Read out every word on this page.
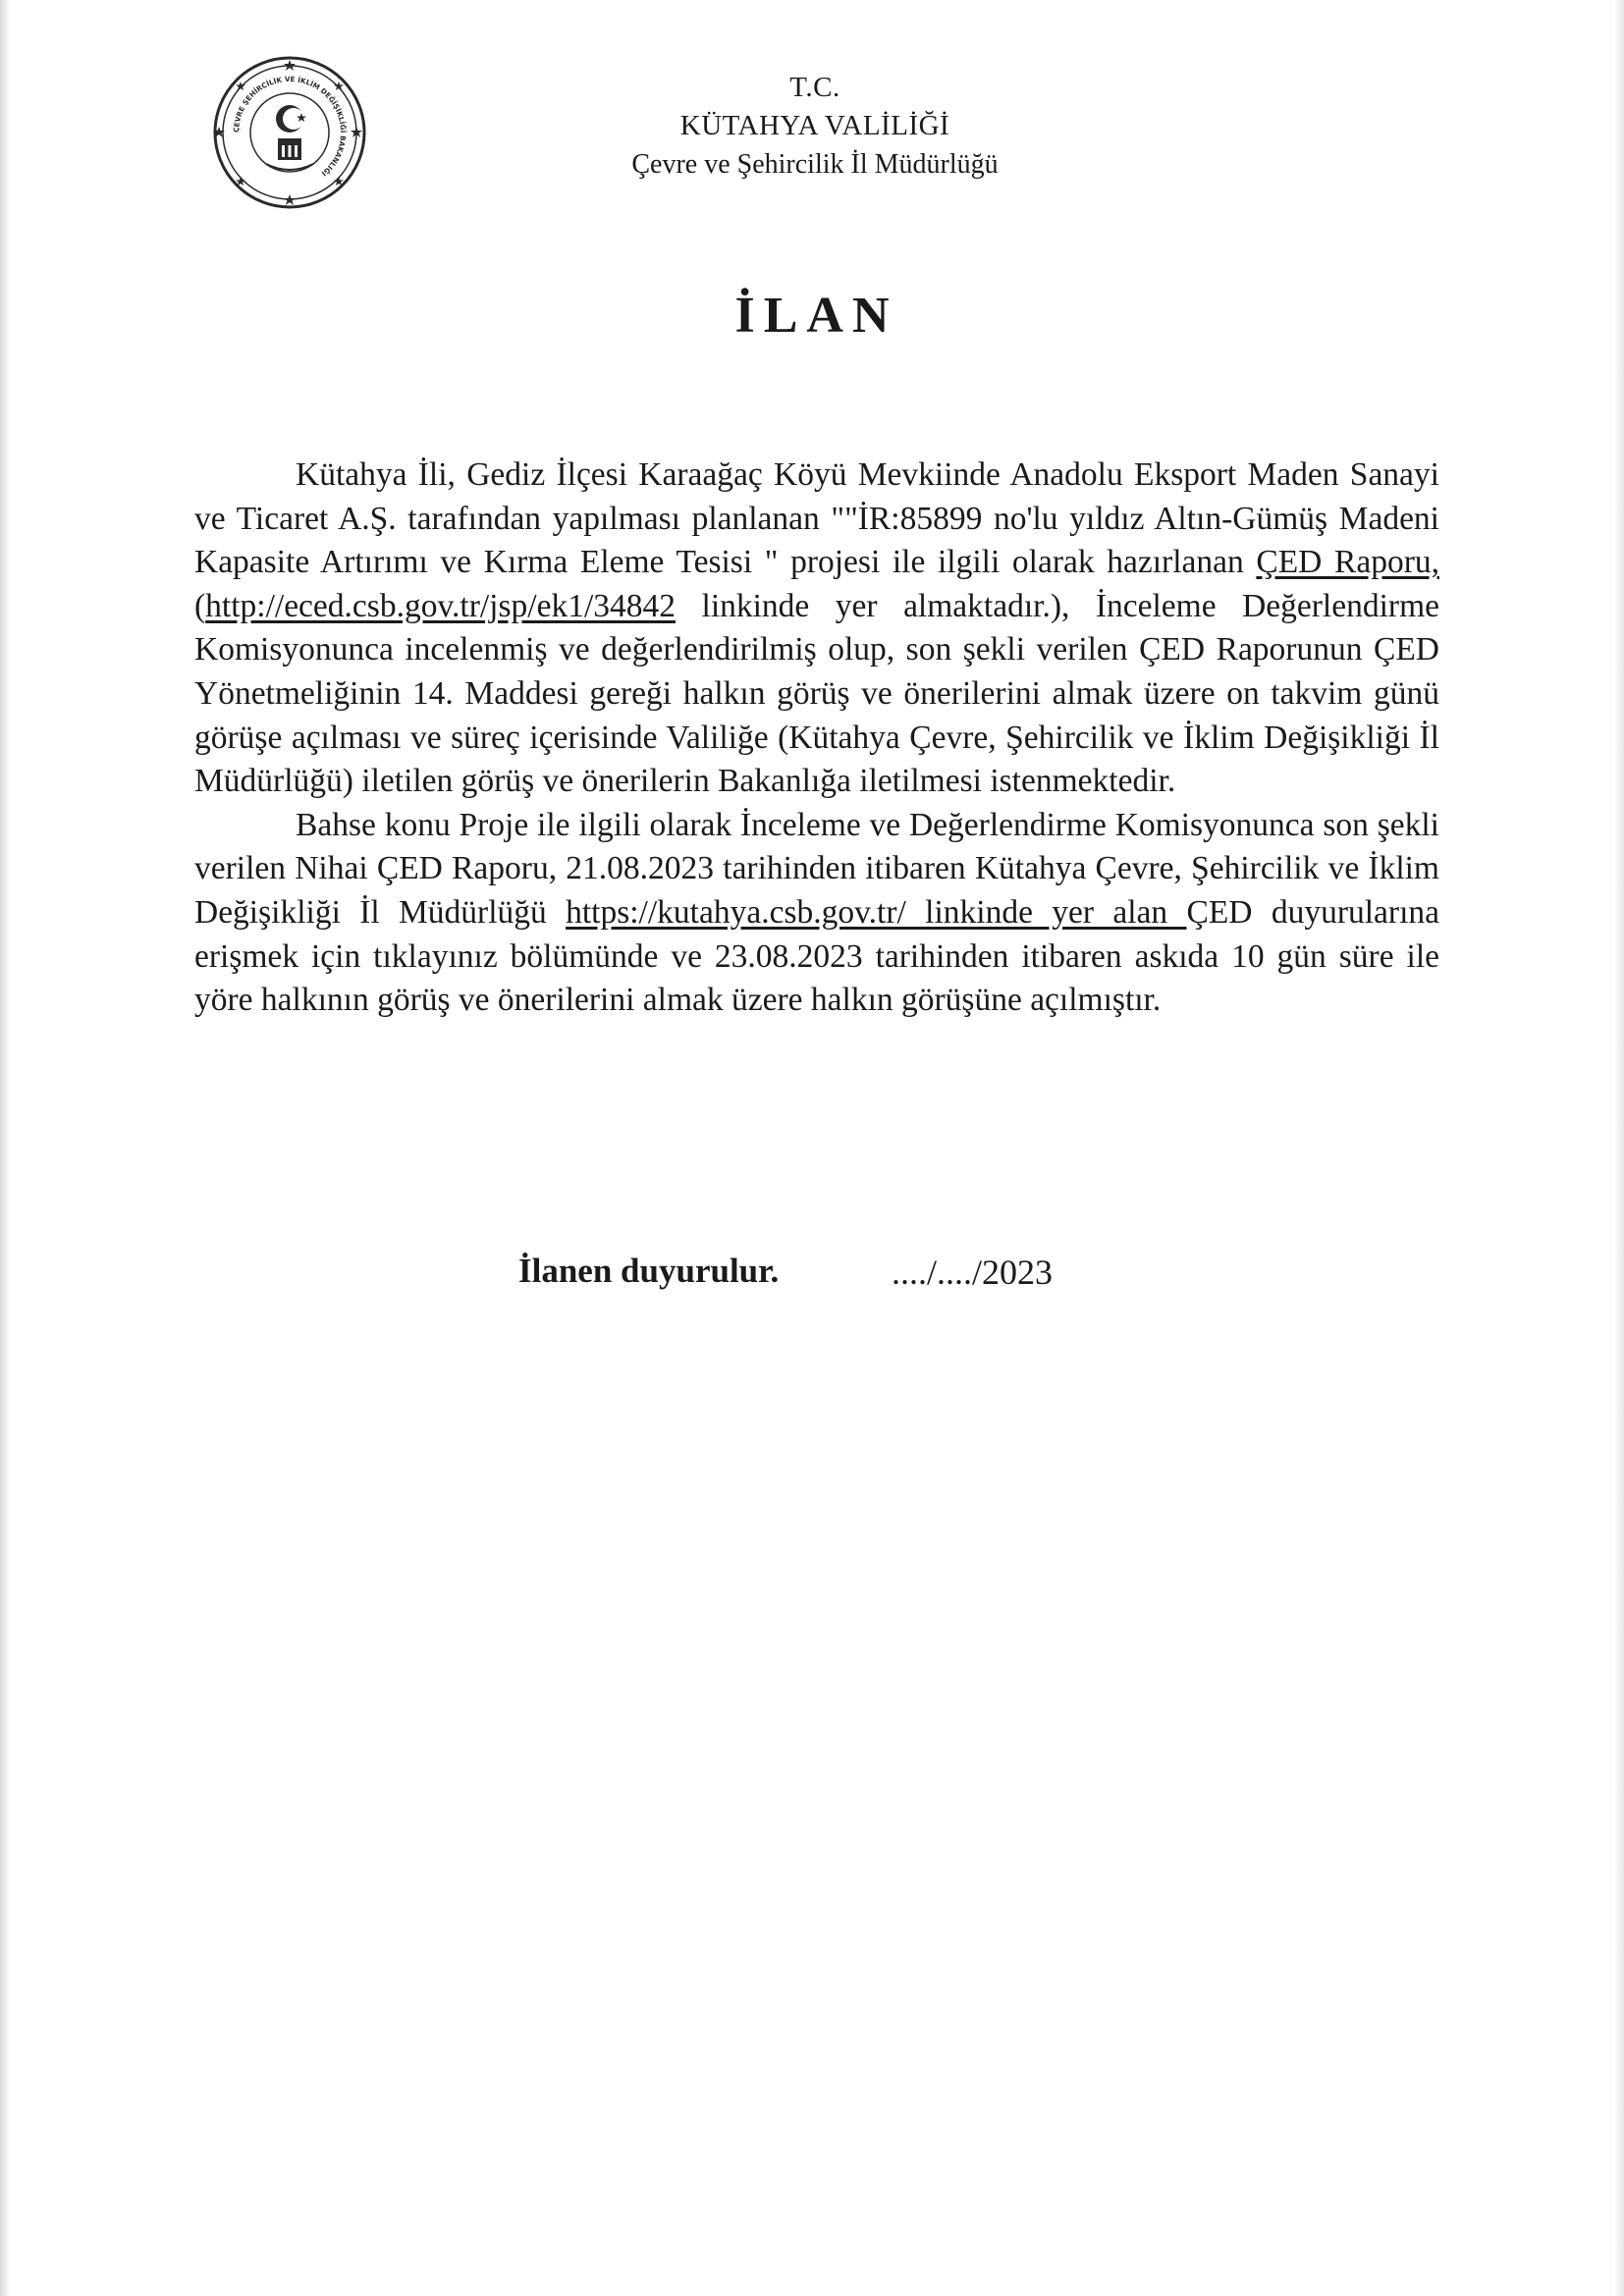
ÇEVRE ŞEHİRCİLİK VE İKLİM DEĞİŞİKLİĞİ BAKANLIĞI
T.C.
KÜTAHYA VALİLİĞİ
Çevre ve Şehircilik İl Müdürlüğü
İLAN

Kütahya İli, Gediz İlçesi Karaağaç Köyü Mevkiinde Anadolu Eksport Maden Sanayi ve Ticaret A.Ş. tarafından yapılması planlanan ""İR:85899 no'lu yıldız Altın-Gümüş Madeni Kapasite Artırımı ve Kırma Eleme Tesisi " projesi ile ilgili olarak hazırlanan ÇED Raporu, (http://eced.csb.gov.tr/jsp/ek1/34842 linkinde yer almaktadır.), İnceleme Değerlendirme Komisyonunca incelenmiş ve değerlendirilmiş olup, son şekli verilen ÇED Raporunun ÇED Yönetmeliğinin 14. Maddesi gereği halkın görüş ve önerilerini almak üzere on takvim günü görüşe açılması ve süreç içerisinde Valiliğe (Kütahya Çevre, Şehircilik ve İklim Değişikliği İl Müdürlüğü) iletilen görüş ve önerilerin Bakanlığa iletilmesi istenmektedir.

Bahse konu Proje ile ilgili olarak İnceleme ve Değerlendirme Komisyonunca son şekli verilen Nihai ÇED Raporu, 21.08.2023 tarihinden itibaren Kütahya Çevre, Şehircilik ve İklim Değişikliği İl Müdürlüğü https://kutahya.csb.gov.tr/ linkinde yer alan ÇED duyurularına erişmek için tıklayınız bölümünde ve 23.08.2023 tarihinden itibaren askıda 10 gün süre ile yöre halkının görüş ve önerilerini almak üzere halkın görüşüne açılmıştır.

İlanen duyurulur.	..../..../2023
